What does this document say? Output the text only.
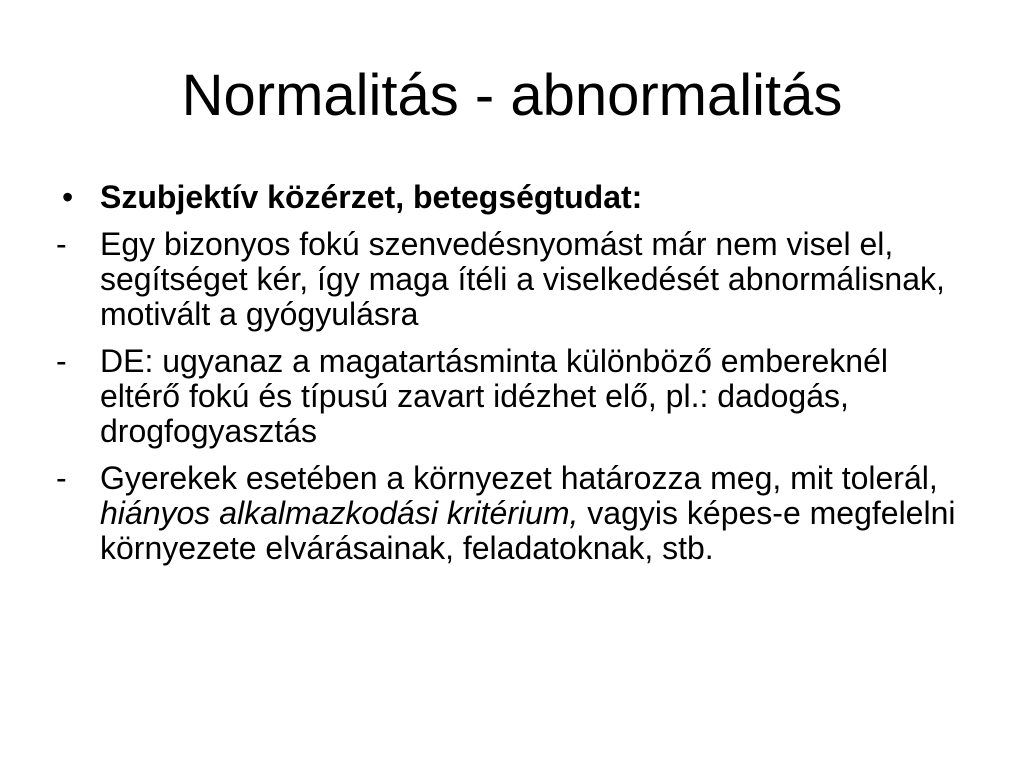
Normalitás - abnormalitás
• Szubjektív közérzet, betegségtudat:
-	Egy bizonyos fokú szenvedésnyomást már nem visel el, segítséget kér, így maga ítéli a viselkedését abnormálisnak, motivált a gyógyulásra
-	DE: ugyanaz a magatartásminta különböző embereknél eltérő fokú és típusú zavart idézhet elő, pl.: dadogás, drogfogyasztás
-	Gyerekek esetében a környezet határozza meg, mit tolerál, hiányos alkalmazkodási kritérium, vagyis képes-e megfelelni környezete elvárásainak, feladatoknak, stb.
